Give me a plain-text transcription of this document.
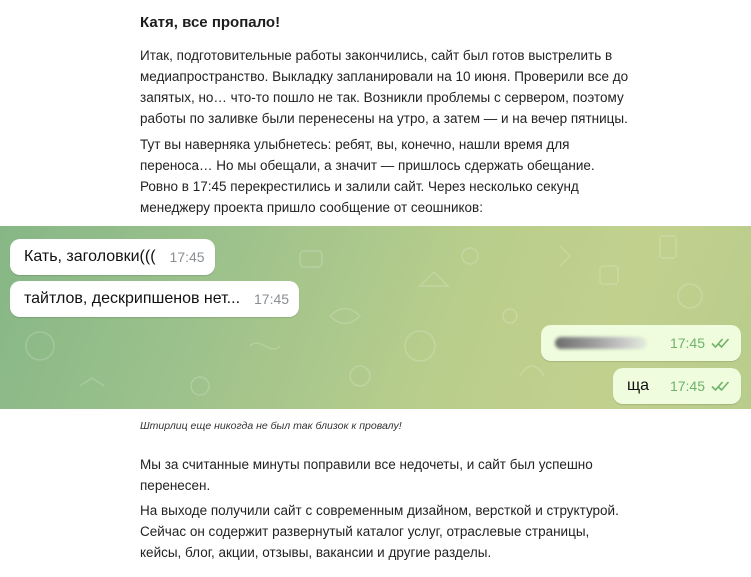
Катя, все пропало!

Итак, подготовительные работы закончились, сайт был готов выстрелить в медиапространство. Выкладку запланировали на 10 июня. Проверили все до запятых, но… что-то пошло не так. Возникли проблемы с сервером, поэтому работы по заливке были перенесены на утро, а затем — и на вечер пятницы.

Тут вы наверняка улыбнетесь: ребят, вы, конечно, нашли время для переноса… Но мы обещали, а значит — пришлось сдержать обещание. Ровно в 17:45 перекрестились и залили сайт. Через несколько секунд менеджеру проекта пришло сообщение от сеошников:

Кать, заголовки((( 17:45
тайтлов, дескрипшенов нет... 17:45
17:45
ща 17:45

Штирлиц еще никогда не был так близок к провалу!

Мы за считанные минуты поправили все недочеты, и сайт был успешно перенесен.

На выходе получили сайт с современным дизайном, версткой и структурой. Сейчас он содержит развернутый каталог услуг, отраслевые страницы, кейсы, блог, акции, отзывы, вакансии и другие разделы.
